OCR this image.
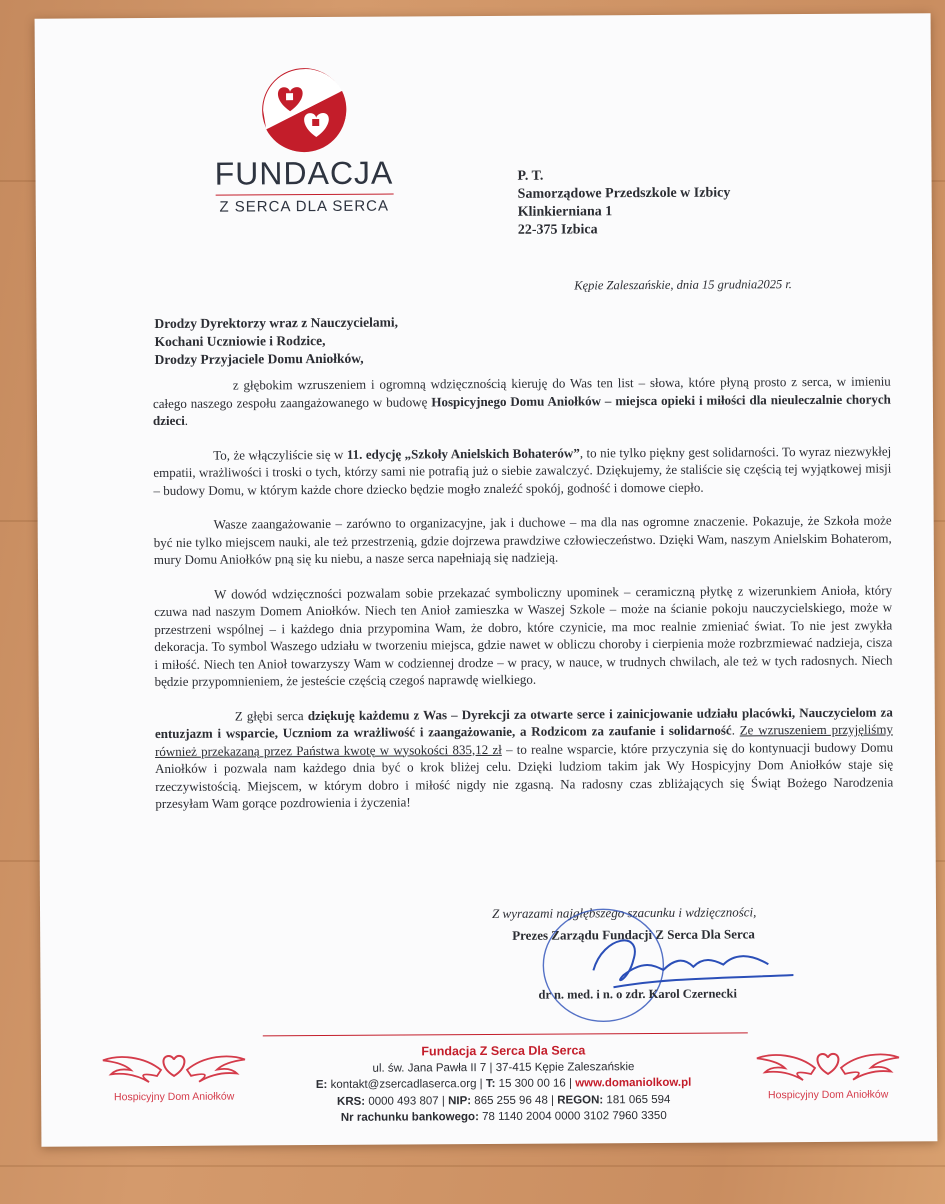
FUNDACJA
Z SERCA DLA SERCA
P. T.
Samorządowe Przedszkole w Izbicy
Klinkierniana 1
22-375 Izbica
Kępie Zaleszańskie, dnia 15 grudnia2025 r.
Drodzy Dyrektorzy wraz z Nauczycielami,
Kochani Uczniowie i Rodzice,
Drodzy Przyjaciele Domu Aniołków,

z głębokim wzruszeniem i ogromną wdzięcznością kieruję do Was ten list – słowa, które płyną prosto z serca, w imieniu całego naszego zespołu zaangażowanego w budowę Hospicyjnego Domu Aniołków – miejsca opieki i miłości dla nieuleczalnie chorych dzieci.

To, że włączyliście się w 11. edycję „Szkoły Anielskich Bohaterów”, to nie tylko piękny gest solidarności. To wyraz niezwykłej empatii, wrażliwości i troski o tych, którzy sami nie potrafią już o siebie zawalczyć. Dziękujemy, że staliście się częścią tej wyjątkowej misji – budowy Domu, w którym każde chore dziecko będzie mogło znaleźć spokój, godność i domowe ciepło.

Wasze zaangażowanie – zarówno to organizacyjne, jak i duchowe – ma dla nas ogromne znaczenie. Pokazuje, że Szkoła może być nie tylko miejscem nauki, ale też przestrzenią, gdzie dojrzewa prawdziwe człowieczeństwo. Dzięki Wam, naszym Anielskim Bohaterom, mury Domu Aniołków pną się ku niebu, a nasze serca napełniają się nadzieją.

W dowód wdzięczności pozwalam sobie przekazać symboliczny upominek – ceramiczną płytkę z wizerunkiem Anioła, który czuwa nad naszym Domem Aniołków. Niech ten Anioł zamieszka w Waszej Szkole – może na ścianie pokoju nauczycielskiego, może w przestrzeni wspólnej – i każdego dnia przypomina Wam, że dobro, które czynicie, ma moc realnie zmieniać świat. To nie jest zwykła dekoracja. To symbol Waszego udziału w tworzeniu miejsca, gdzie nawet w obliczu choroby i cierpienia może rozbrzmiewać nadzieja, cisza i miłość. Niech ten Anioł towarzyszy Wam w codziennej drodze – w pracy, w nauce, w trudnych chwilach, ale też w tych radosnych. Niech będzie przypomnieniem, że jesteście częścią czegoś naprawdę wielkiego.

Z głębi serca dziękuję każdemu z Was – Dyrekcji za otwarte serce i zainicjowanie udziału placówki, Nauczycielom za entuzjazm i wsparcie, Uczniom za wrażliwość i zaangażowanie, a Rodzicom za zaufanie i solidarność. Ze wzruszeniem przyjęliśmy również przekazaną przez Państwa kwotę w wysokości 835,12 zł – to realne wsparcie, które przyczynia się do kontynuacji budowy Domu Aniołków i pozwala nam każdego dnia być o krok bliżej celu. Dzięki ludziom takim jak Wy Hospicyjny Dom Aniołków staje się rzeczywistością. Miejscem, w którym dobro i miłość nigdy nie zgasną. Na radosny czas zbliżających się Świąt Bożego Narodzenia przesyłam Wam gorące pozdrowienia i życzenia!

Z wyrazami najgłębszego szacunku i wdzięczności,
Prezes Zarządu Fundacji Z Serca Dla Serca
dr n. med. i n. o zdr. Karol Czernecki
Hospicyjny Dom Aniołków
Fundacja Z Serca Dla Serca
ul. św. Jana Pawła II 7 | 37-415 Kępie Zaleszańskie
E: kontakt@zsercadlaserca.org | T: 15 300 00 16 | www.domaniolkow.pl
KRS: 0000 493 807 | NIP: 865 255 96 48 | REGON: 181 065 594
Nr rachunku bankowego: 78 1140 2004 0000 3102 7960 3350
Hospicyjny Dom Aniołków
